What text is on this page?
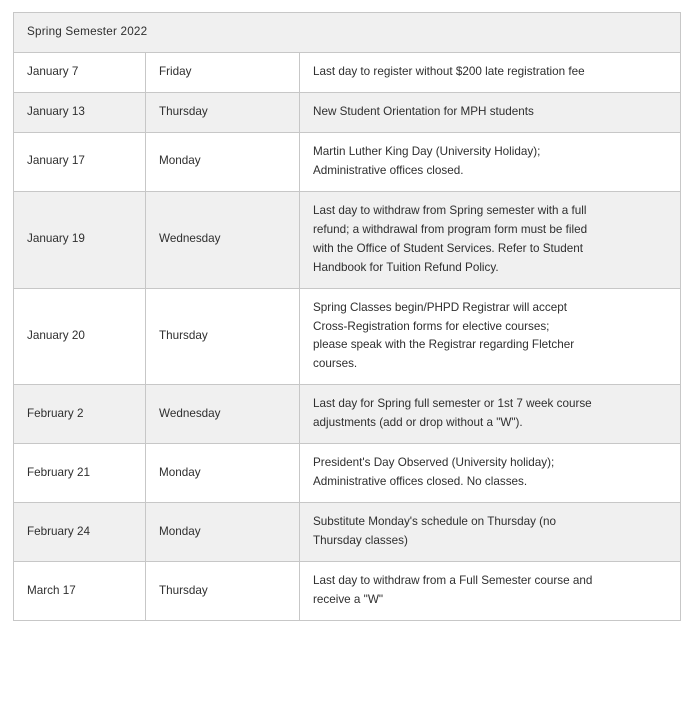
Spring Semester 2022		
January 7	Friday	Last day to register without $200 late registration fee

January 13	Thursday	New Student Orientation for MPH students

January 17	Monday	Martin Luther King Day (University Holiday);
Administrative offices closed.

January 19	Wednesday	Last day to withdraw from Spring semester with a full
refund; a withdrawal from program form must be filed
with the Office of Student Services. Refer to Student
Handbook for Tuition Refund Policy.

January 20	Thursday	Spring Classes begin/PHPD Registrar will accept
Cross-Registration forms for elective courses;
please speak with the Registrar regarding Fletcher
courses.

February 2	Wednesday	Last day for Spring full semester or 1st 7 week course
adjustments (add or drop without a "W").

February 21	Monday	President's Day Observed (University holiday);
Administrative offices closed. No classes.

February 24	Monday	Substitute Monday's schedule on Thursday (no
Thursday classes)

March 17	Thursday	Last day to withdraw from a Full Semester course and
receive a "W"
